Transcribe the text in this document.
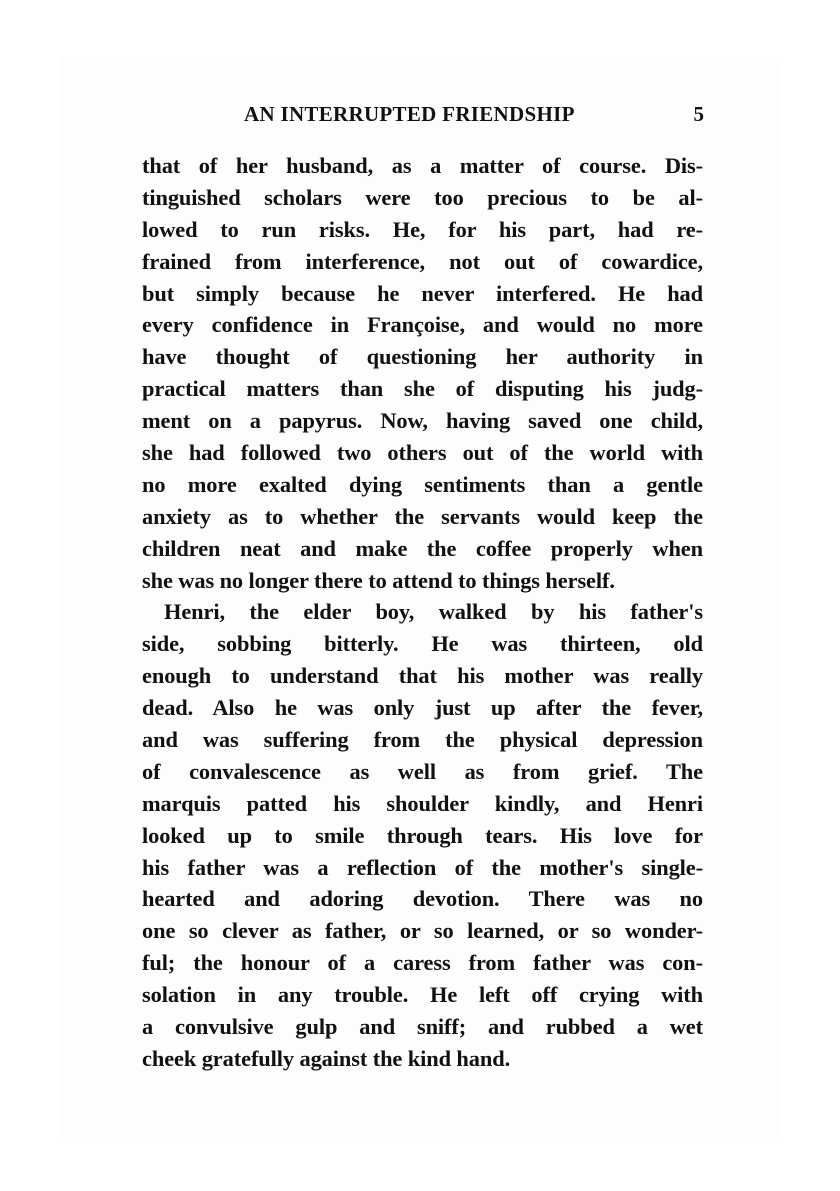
AN INTERRUPTED FRIENDSHIP	5
that of her husband, as a matter of course. Dis-
tinguished scholars were too precious to be al-
lowed to run risks. He, for his part, had re-
frained from interference, not out of cowardice,
but simply because he never interfered. He had
every confidence in Françoise, and would no more
have thought of questioning her authority in
practical matters than she of disputing his judg-
ment on a papyrus. Now, having saved one child,
she had followed two others out of the world with
no more exalted dying sentiments than a gentle
anxiety as to whether the servants would keep the
children neat and make the coffee properly when
she was no longer there to attend to things herself.
Henri, the elder boy, walked by his father's
side, sobbing bitterly. He was thirteen, old
enough to understand that his mother was really
dead. Also he was only just up after the fever,
and was suffering from the physical depression
of convalescence as well as from grief. The
marquis patted his shoulder kindly, and Henri
looked up to smile through tears. His love for
his father was a reflection of the mother's single-
hearted and adoring devotion. There was no
one so clever as father, or so learned, or so wonder-
ful; the honour of a caress from father was con-
solation in any trouble. He left off crying with
a convulsive gulp and sniff; and rubbed a wet
cheek gratefully against the kind hand.
